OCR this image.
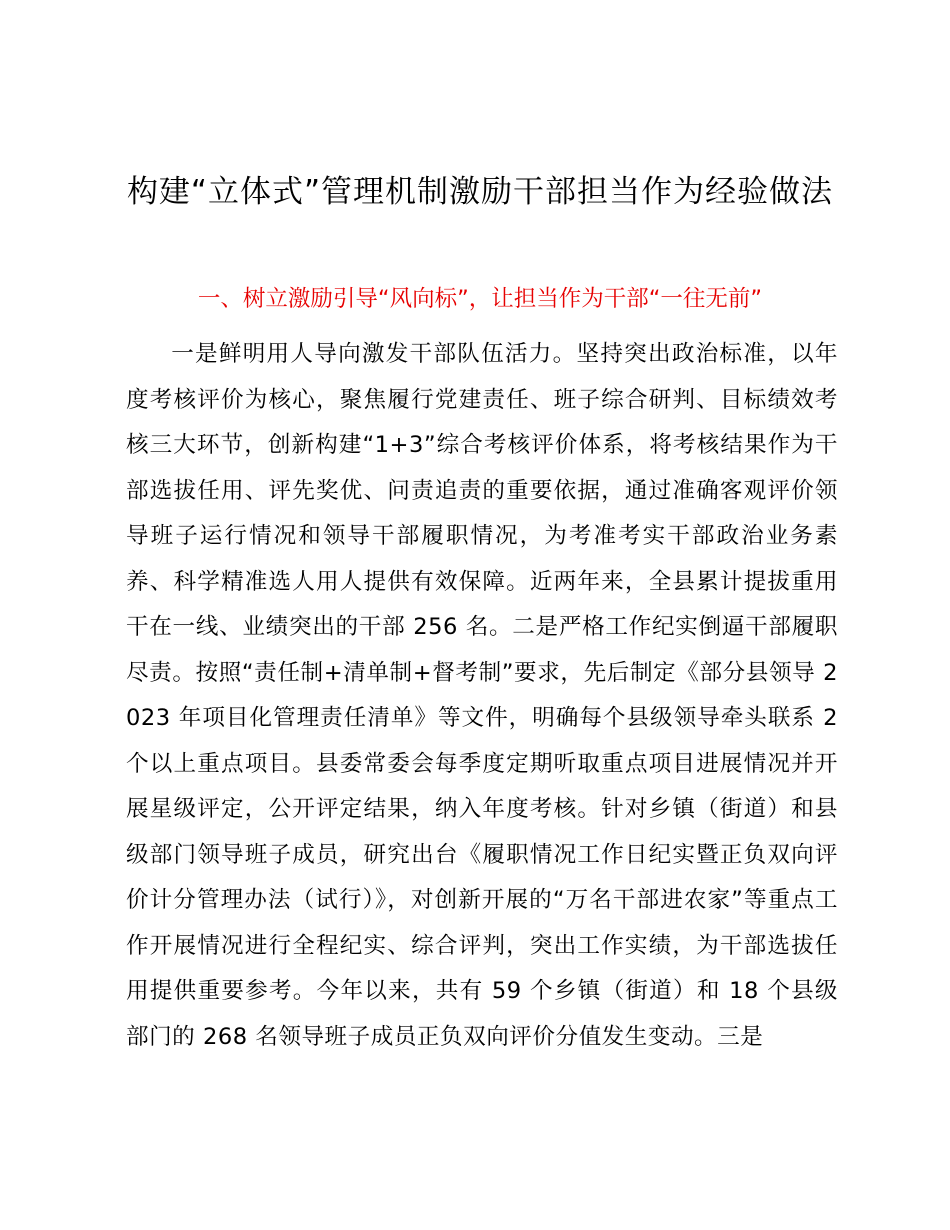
构建“立体式”管理机制激励干部担当作为经验做法
一、树立激励引导“风向标”，让担当作为干部“一往无前”

一是鲜明用人导向激发干部队伍活力。坚持突出政治标准，以年度考核评价为核心，聚焦履行党建责任、班子综合研判、目标绩效考核三大环节，创新构建“1+3”综合考核评价体系，将考核结果作为干部选拔任用、评先奖优、问责追责的重要依据，通过准确客观评价领导班子运行情况和领导干部履职情况，为考准考实干部政治业务素养、科学精准选人用人提供有效保障。近两年来，全县累计提拔重用干在一线、业绩突出的干部 256 名。二是严格工作纪实倒逼干部履职尽责。按照“责任制+清单制+督考制”要求，先后制定《部分县领导 2023 年项目化管理责任清单》等文件，明确每个县级领导牵头联系 2 个以上重点项目。县委常委会每季度定期听取重点项目进展情况并开展星级评定，公开评定结果，纳入年度考核。针对乡镇（街道）和县级部门领导班子成员，研究出台《履职情况工作日纪实暨正负双向评价计分管理办法（试行）》，对创新开展的“万名干部进农家”等重点工作开展情况进行全程纪实、综合评判，突出工作实绩，为干部选拔任用提供重要参考。今年以来，共有 59 个乡镇（街道）和 18 个县级部门的 268 名领导班子成员正负双向评价分值发生变动。三是
